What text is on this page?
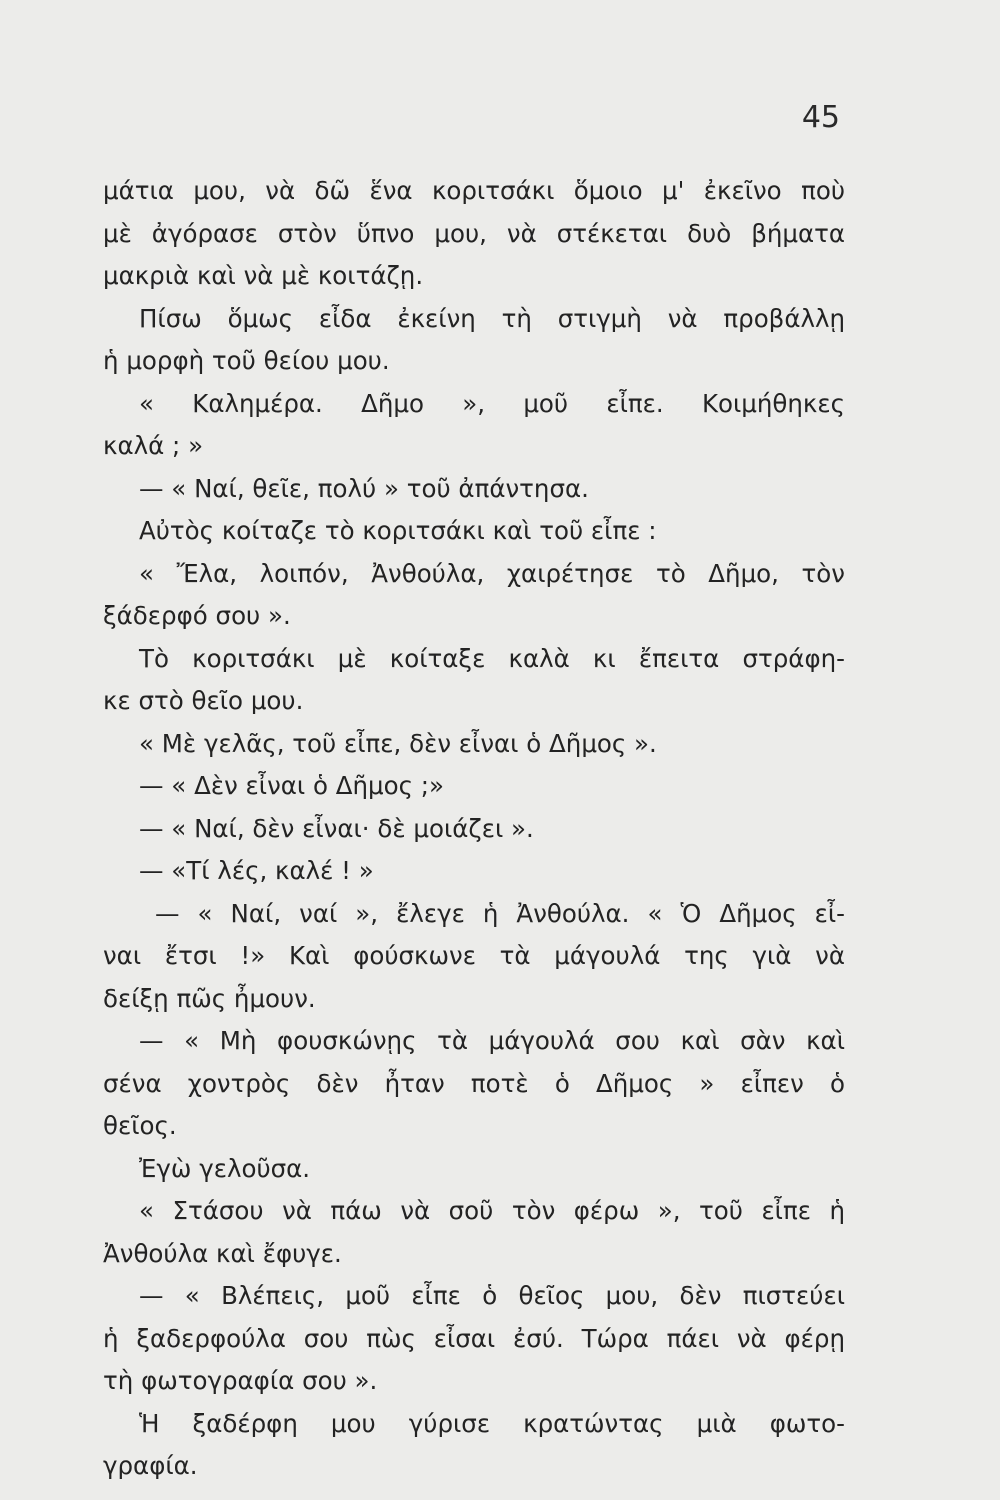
45
μάτια μου, νὰ δῶ ἕνα κοριτσάκι ὅμοιο μ' ἐκεῖνο ποὺ
μὲ ἀγόρασε στὸν ὕπνο μου, νὰ στέκεται δυὸ βήματα
μακριὰ καὶ νὰ μὲ κοιτάζῃ.
Πίσω ὅμως εἶδα ἐκείνη τὴ στιγμὴ νὰ προβάλλῃ
ἡ μορφὴ τοῦ θείου μου.
« Καλημέρα. Δῆμο », μοῦ εἶπε. Κοιμήθηκες
καλά ; »
— « Ναί, θεῖε, πολύ » τοῦ ἀπάντησα.
Αὐτὸς κοίταζε τὸ κοριτσάκι καὶ τοῦ εἶπε :
« Ἔλα, λοιπόν, Ἀνθούλα, χαιρέτησε τὸ Δῆμο, τὸν
ξάδερφό σου ».
Τὸ κοριτσάκι μὲ κοίταξε καλὰ κι ἔπειτα στράφη-
κε στὸ θεῖο μου.
« Μὲ γελᾶς, τοῦ εἶπε, δὲν εἶναι ὁ Δῆμος ».
— « Δὲν εἶναι ὁ Δῆμος ;»
— « Ναί, δὲν εἶναι· δὲ μοιάζει ».
— «Τί λές, καλέ ! »
— « Ναί, ναί », ἔλεγε ἡ Ἀνθούλα. « Ὁ Δῆμος εἶ-
ναι ἔτσι !» Καὶ φούσκωνε τὰ μάγουλά της γιὰ νὰ
δείξῃ πῶς ἦμουν.
— « Μὴ φουσκώνῃς τὰ μάγουλά σου καὶ σὰν καὶ
σένα χοντρὸς δὲν ἦταν ποτὲ ὁ Δῆμος » εἶπεν ὁ
θεῖος.
Ἐγὼ γελοῦσα.
« Στάσου νὰ πάω νὰ σοῦ τὸν φέρω », τοῦ εἶπε ἡ
Ἀνθούλα καὶ ἔφυγε.
— « Βλέπεις, μοῦ εἶπε ὁ θεῖος μου, δὲν πιστεύει
ἡ ξαδερφούλα σου πὼς εἶσαι ἐσύ. Τώρα πάει νὰ φέρῃ
τὴ φωτογραφία σου ».
Ἡ ξαδέρφη μου γύρισε κρατώντας μιὰ φωτο-
γραφία.
